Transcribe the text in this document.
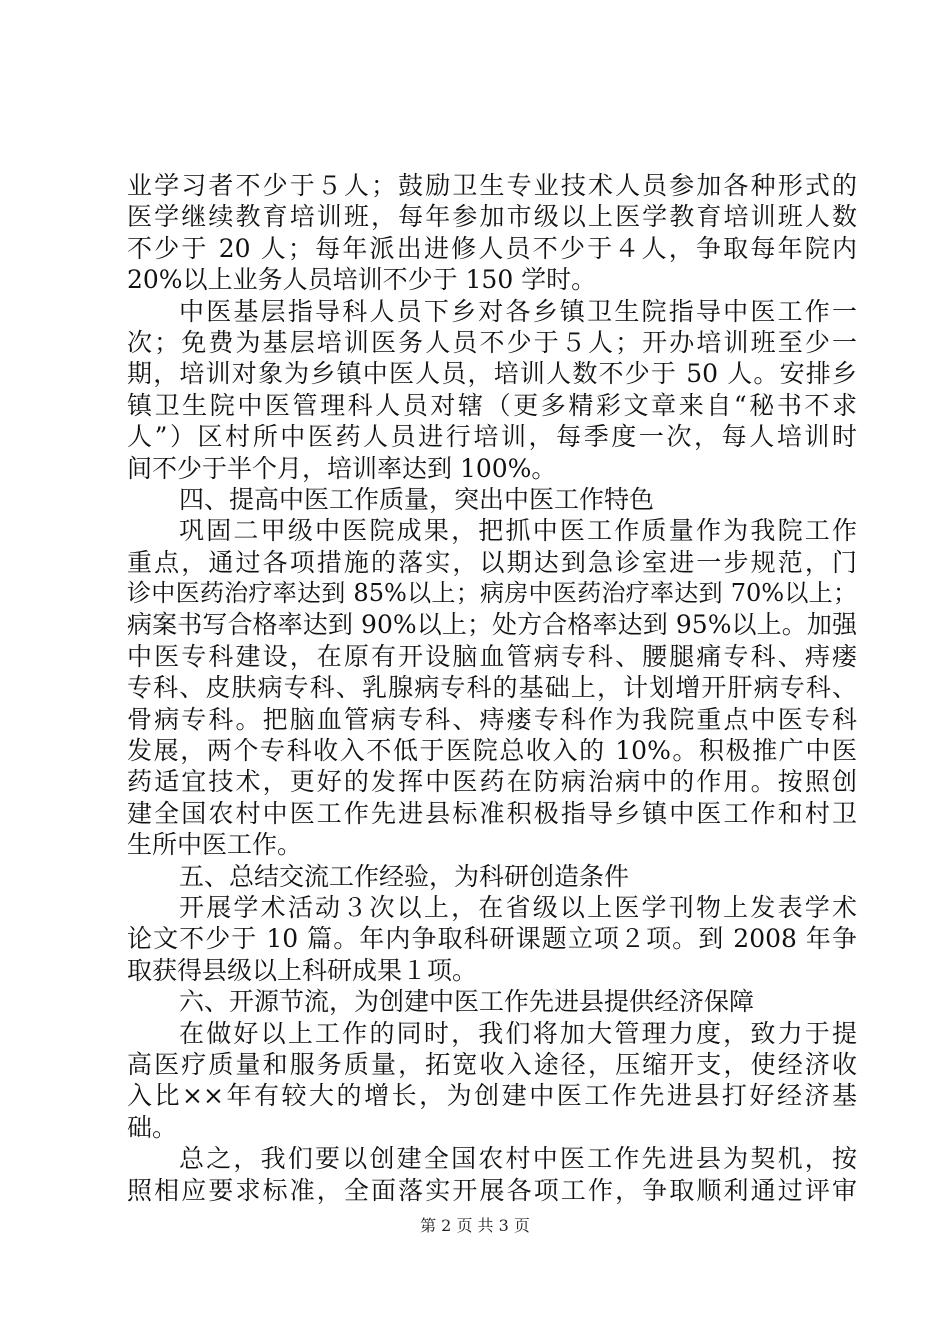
业学习者不少于５人；鼓励卫生专业技术人员参加各种形式的
医学继续教育培训班，每年参加市级以上医学教育培训班人数
不少于 20 人；每年派出进修人员不少于４人，争取每年院内
20%以上业务人员培训不少于 150 学时。
中医基层指导科人员下乡对各乡镇卫生院指导中医工作一
次；免费为基层培训医务人员不少于５人；开办培训班至少一
期，培训对象为乡镇中医人员，培训人数不少于 50 人。安排乡
镇卫生院中医管理科人员对辖（更多精彩文章来自“秘书不求
人”）区村所中医药人员进行培训，每季度一次，每人培训时
间不少于半个月，培训率达到 100%。
四、提高中医工作质量，突出中医工作特色
巩固二甲级中医院成果，把抓中医工作质量作为我院工作
重点，通过各项措施的落实，以期达到急诊室进一步规范，门
诊中医药治疗率达到 85%以上；病房中医药治疗率达到 70%以上；
病案书写合格率达到 90%以上；处方合格率达到 95%以上。加强
中医专科建设，在原有开设脑血管病专科、腰腿痛专科、痔瘘
专科、皮肤病专科、乳腺病专科的基础上，计划增开肝病专科、
骨病专科。把脑血管病专科、痔瘘专科作为我院重点中医专科
发展，两个专科收入不低于医院总收入的 10%。积极推广中医
药适宜技术，更好的发挥中医药在防病治病中的作用。按照创
建全国农村中医工作先进县标准积极指导乡镇中医工作和村卫
生所中医工作。
五、总结交流工作经验，为科研创造条件
开展学术活动３次以上，在省级以上医学刊物上发表学术
论文不少于 10 篇。年内争取科研课题立项２项。到 2008 年争
取获得县级以上科研成果１项。
六、开源节流，为创建中医工作先进县提供经济保障
在做好以上工作的同时，我们将加大管理力度，致力于提
高医疗质量和服务质量，拓宽收入途径，压缩开支，使经济收
入比××年有较大的增长，为创建中医工作先进县打好经济基
础。
总之，我们要以创建全国农村中医工作先进县为契机，按
照相应要求标准，全面落实开展各项工作，争取顺利通过评审
第 2 页 共 3 页
